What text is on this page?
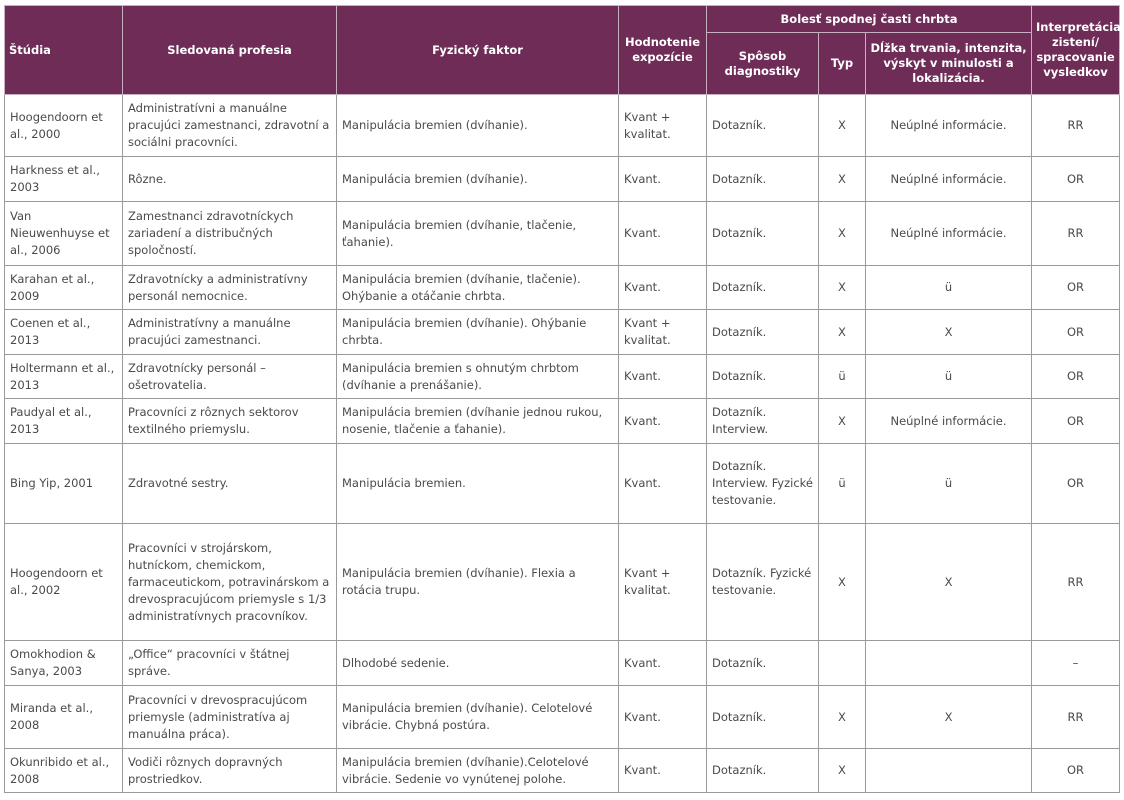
Štúdia	Sledovaná profesia	Fyzický faktor	Hodnotenie expozície	Bolesť spodnej časti chrbta			Interpretácia zistení/ spracovanie vysledkov
				Spôsob diagnostiky	Typ	Dĺžka trvania, intenzita, výskyt v minulosti a lokalizácia.	
Hoogendoorn et al., 2000	Administratívni a manuálne pracujúci zamestnanci, zdravotní a sociálni pracovníci.	Manipulácia bremien (dvíhanie).	Kvant + kvalitat.	Dotazník.	X	Neúplné informácie.	RR
Harkness et al., 2003	Rôzne.	Manipulácia bremien (dvíhanie).	Kvant.	Dotazník.	X	Neúplné informácie.	OR
Van Nieuwenhuyse et al., 2006	Zamestnanci zdravotníckych zariadení a distribučných spoločností.	Manipulácia bremien (dvíhanie, tlačenie, ťahanie).	Kvant.	Dotazník.	X	Neúplné informácie.	RR
Karahan et al., 2009	Zdravotnícky a administratívny personál nemocnice.	Manipulácia bremien (dvíhanie, tlačenie). Ohýbanie a otáčanie chrbta.	Kvant.	Dotazník.	X	ü	OR
Coenen et al., 2013	Administratívny a manuálne pracujúci zamestnanci.	Manipulácia bremien (dvíhanie). Ohýbanie chrbta.	Kvant + kvalitat.	Dotazník.	X	X	OR
Holtermann et al., 2013	Zdravotnícky personál – ošetrovatelia.	Manipulácia bremien s ohnutým chrbtom (dvíhanie a prenášanie).	Kvant.	Dotazník.	ü	ü	OR
Paudyal et al., 2013	Pracovníci z rôznych sektorov textilného priemyslu.	Manipulácia bremien (dvíhanie jednou rukou, nosenie, tlačenie a ťahanie).	Kvant.	Dotazník. Interview.	X	Neúplné informácie.	OR
Bing Yip, 2001	Zdravotné sestry.	Manipulácia bremien.	Kvant.	Dotazník. Interview. Fyzické testovanie.	ü	ü	OR
Hoogendoorn et al., 2002	Pracovníci v strojárskom, hutníckom, chemickom, farmaceutickom, potravinárskom a drevospracujúcom priemysle s 1/3 administratívnych pracovníkov.	Manipulácia bremien (dvíhanie). Flexia a rotácia trupu.	Kvant + kvalitat.	Dotazník. Fyzické testovanie.	X	X	RR
Omokhodion & Sanya, 2003	„Office“ pracovníci v štátnej správe.	Dlhodobé sedenie.	Kvant.	Dotazník.			–
Miranda et al., 2008	Pracovníci v drevospracujúcom priemysle (administratíva aj manuálna práca).	Manipulácia bremien (dvíhanie). Celotelové vibrácie. Chybná postúra.	Kvant.	Dotazník.	X	X	RR
Okunribido et al., 2008	Vodiči rôznych dopravných prostriedkov.	Manipulácia bremien (dvíhanie).Celotelové vibrácie. Sedenie vo vynútenej polohe.	Kvant.	Dotazník.	X		OR
